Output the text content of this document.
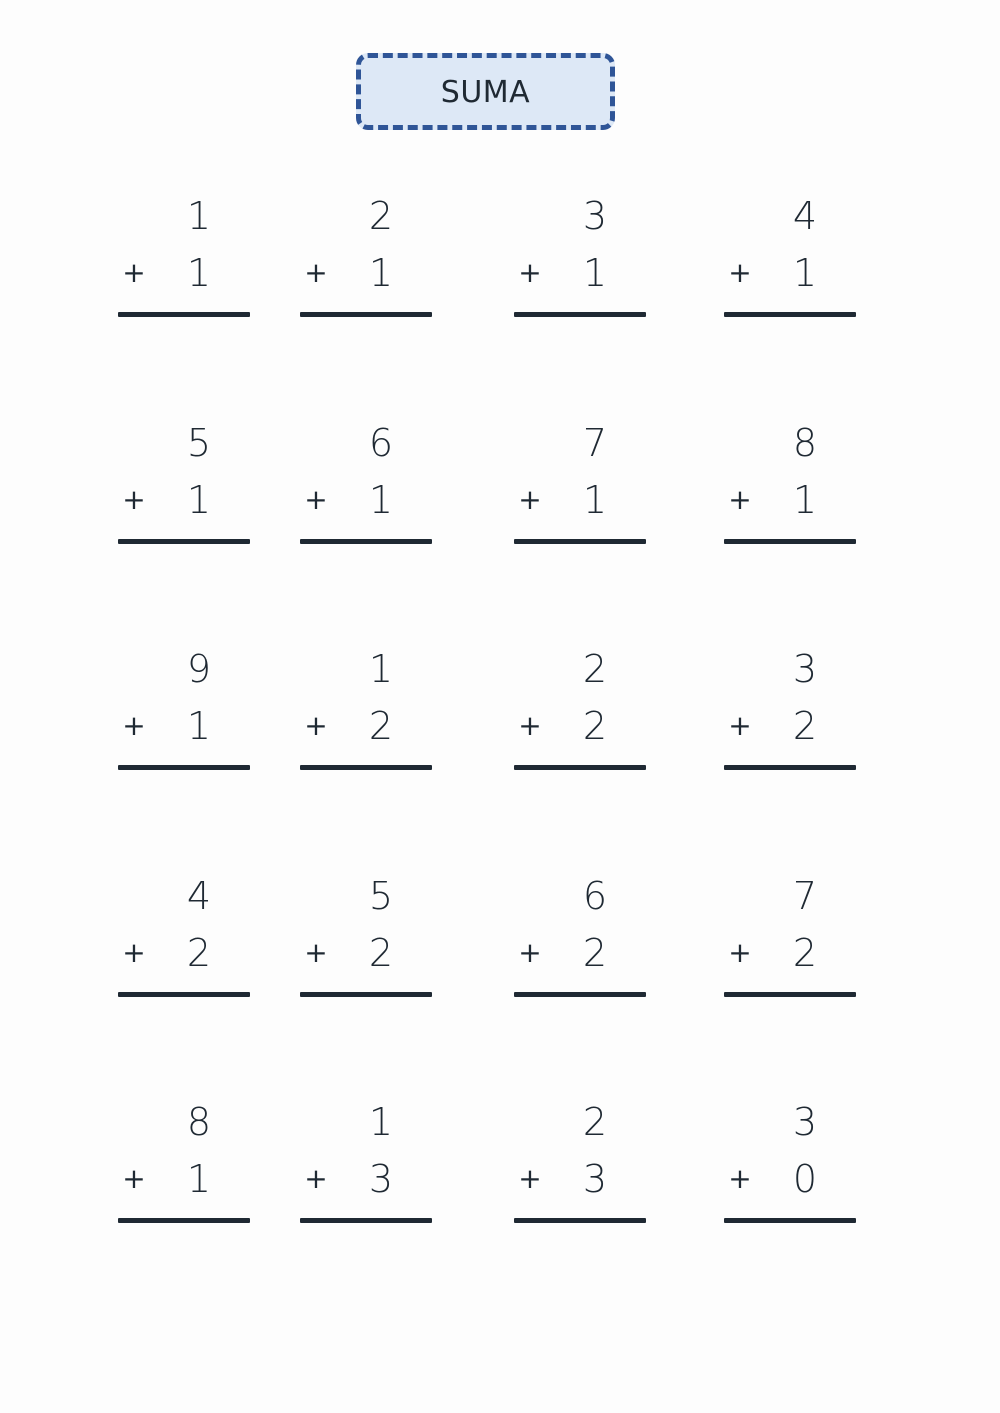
SUMA
1
+ 1
2
+ 1
3
+ 1
4
+ 1
5
+ 1
6
+ 1
7
+ 1
8
+ 1
9
+ 1
1
+ 2
2
+ 2
3
+ 2
4
+ 2
5
+ 2
6
+ 2
7
+ 2
8
+ 1
1
+ 3
2
+ 3
3
+ 0
